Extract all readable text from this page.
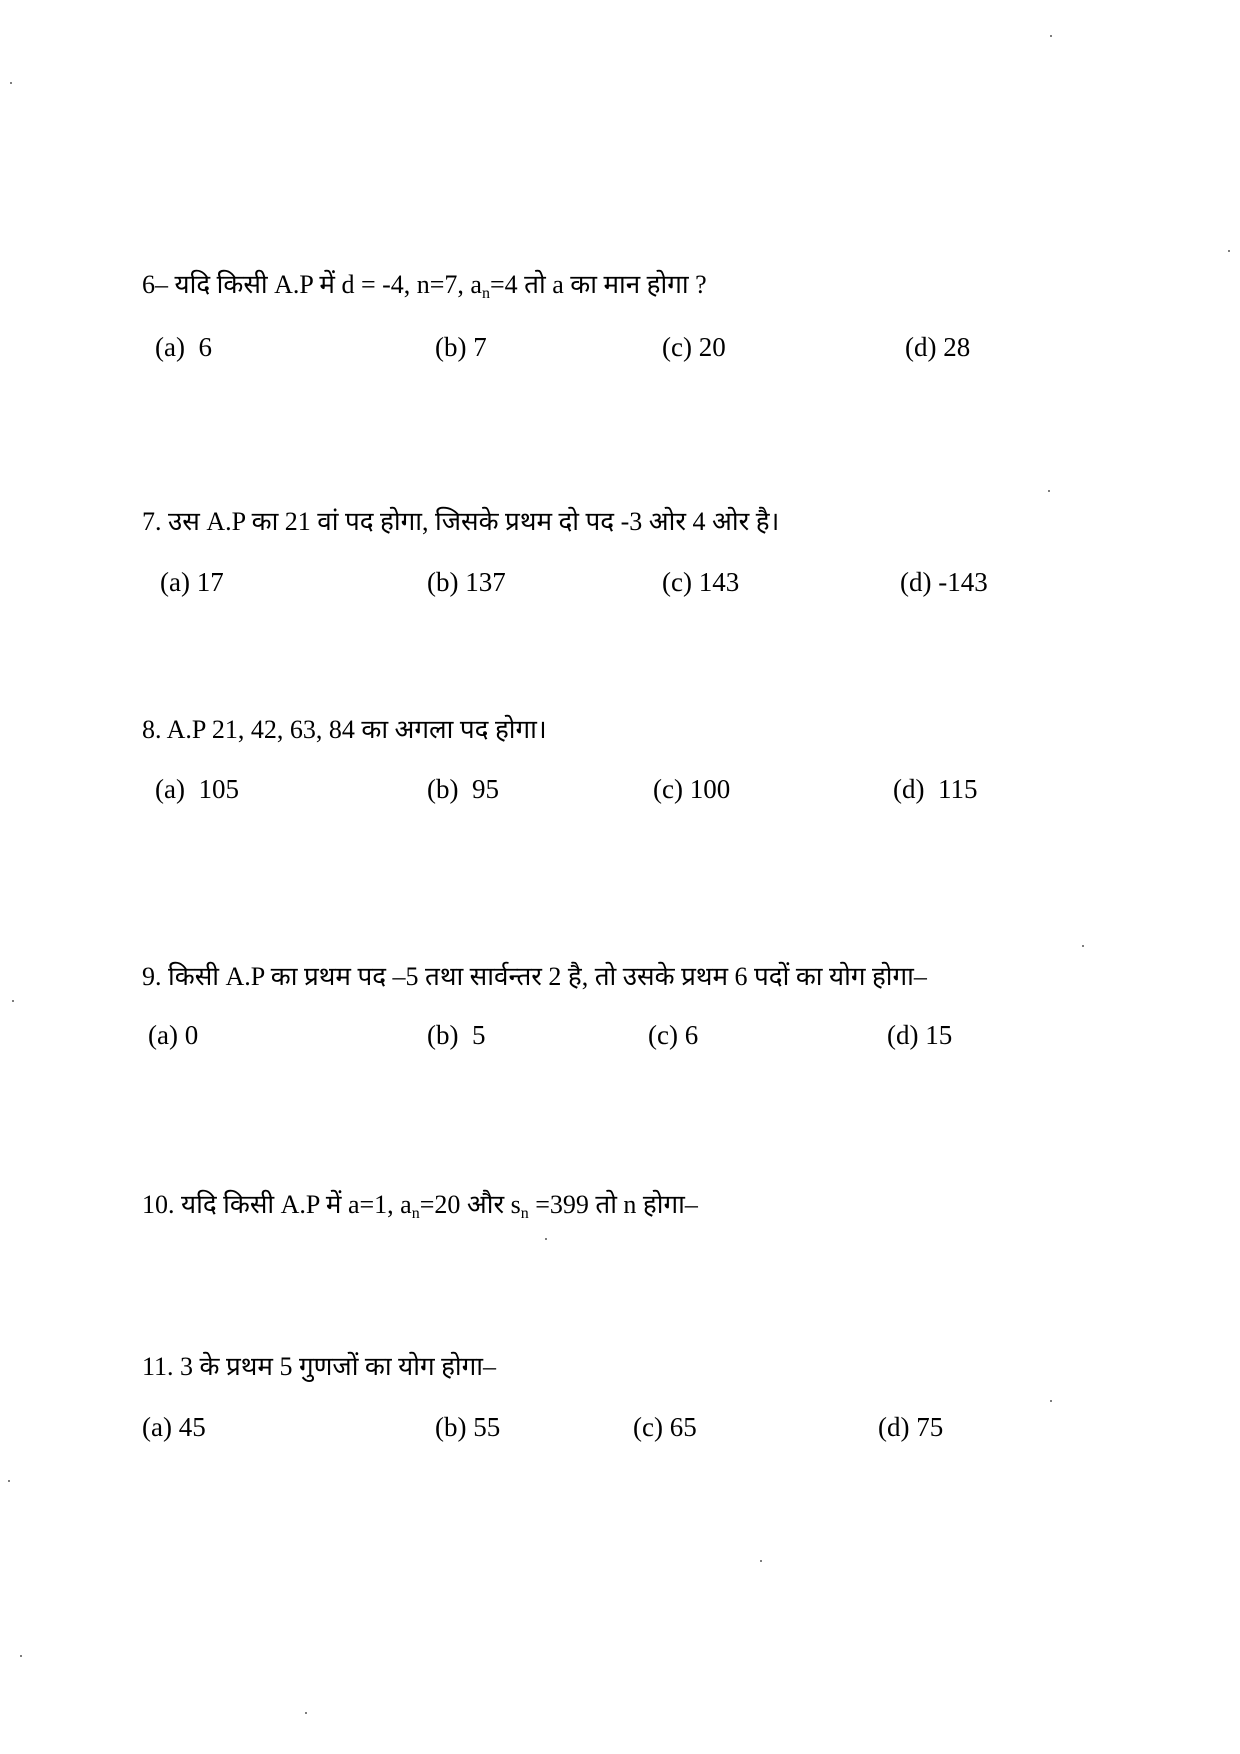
6– यदि किसी A.P में d = -4, n=7, $a_n=4$ तो a का मान होगा ?
(a) 6	(b) 7	(c) 20	(d) 28
7. उस A.P का 21 वां पद होगा, जिसके प्रथम दो पद -3 ओर 4 ओर है।
(a) 17	(b) 137	(c) 143	(d) -143
8. A.P 21, 42, 63, 84 का अगला पद होगा।
(a) 105	(b) 95	(c) 100	(d) 115
9. किसी A.P का प्रथम पद –5 तथा सार्वन्तर 2 है, तो उसके प्रथम 6 पदों का योग होगा–
(a) 0	(b) 5	(c) 6	(d) 15
10. यदि किसी A.P में a=1, $a_n=20$ और $s_n =399$ तो n होगा–
11. 3 के प्रथम 5 गुणजों का योग होगा–
(a) 45	(b) 55	(c) 65	(d) 75
